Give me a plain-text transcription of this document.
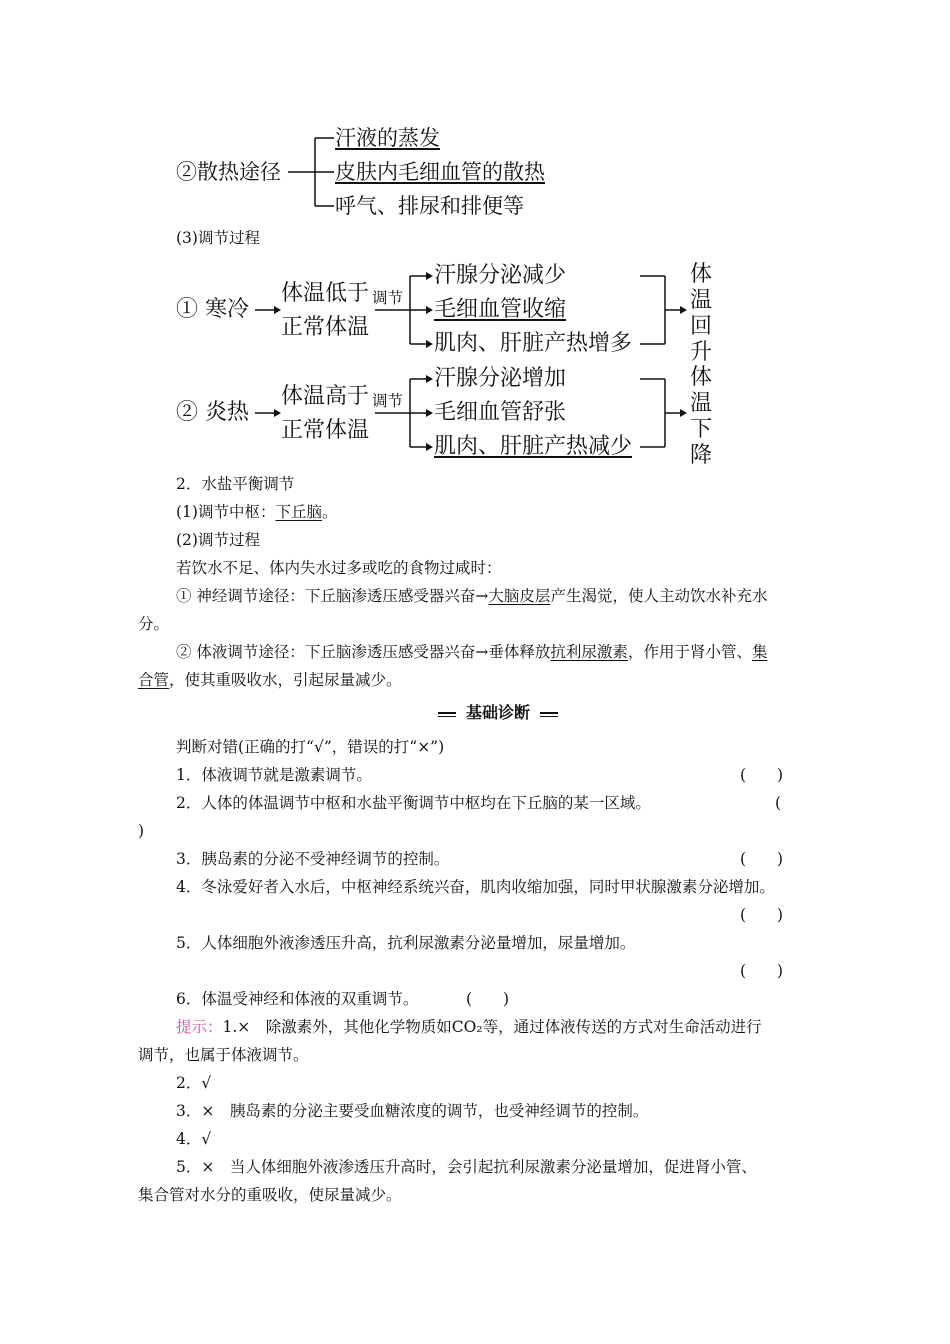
②散热途径
汗液的蒸发
皮肤内毛细血管的散热
呼气、排尿和排便等
(3)调节过程
① 寒冷
体温低于
正常体温
调节
汗腺分泌减少
毛细血管收缩
肌肉、肝脏产热增多
体温回升
② 炎热
体温高于
正常体温
调节
汗腺分泌增加
毛细血管舒张
肌肉、肝脏产热减少
体温下降
2．水盐平衡调节
(1)调节中枢：下丘脑。
(2)调节过程
若饮水不足、体内失水过多或吃的食物过咸时：
① 神经调节途径：下丘脑渗透压感受器兴奋→大脑皮层产生渴觉，使人主动饮水补充水
分。
② 体液调节途径：下丘脑渗透压感受器兴奋→垂体释放抗利尿激素，作用于肾小管、集
合管，使其重吸收水，引起尿量减少。
基础诊断
判断对错(正确的打“√”，错误的打“×”)
1．体液调节就是激素调节。	(　　)
2．人体的体温调节中枢和水盐平衡调节中枢均在下丘脑的某一区域。	(
)
3．胰岛素的分泌不受神经调节的控制。	(　　)
4．冬泳爱好者入水后，中枢神经系统兴奋，肌肉收缩加强，同时甲状腺激素分泌增加。
(　　)
5．人体细胞外液渗透压升高，抗利尿激素分泌量增加，尿量增加。
(　　)
6．体温受神经和体液的双重调节。	(　　)
提示：1.×　除激素外，其他化学物质如CO₂等，通过体液传送的方式对生命活动进行
调节，也属于体液调节。
2．√
3．×　胰岛素的分泌主要受血糖浓度的调节，也受神经调节的控制。
4．√
5．×　当人体细胞外液渗透压升高时，会引起抗利尿激素分泌量增加，促进肾小管、
集合管对水分的重吸收，使尿量减少。
